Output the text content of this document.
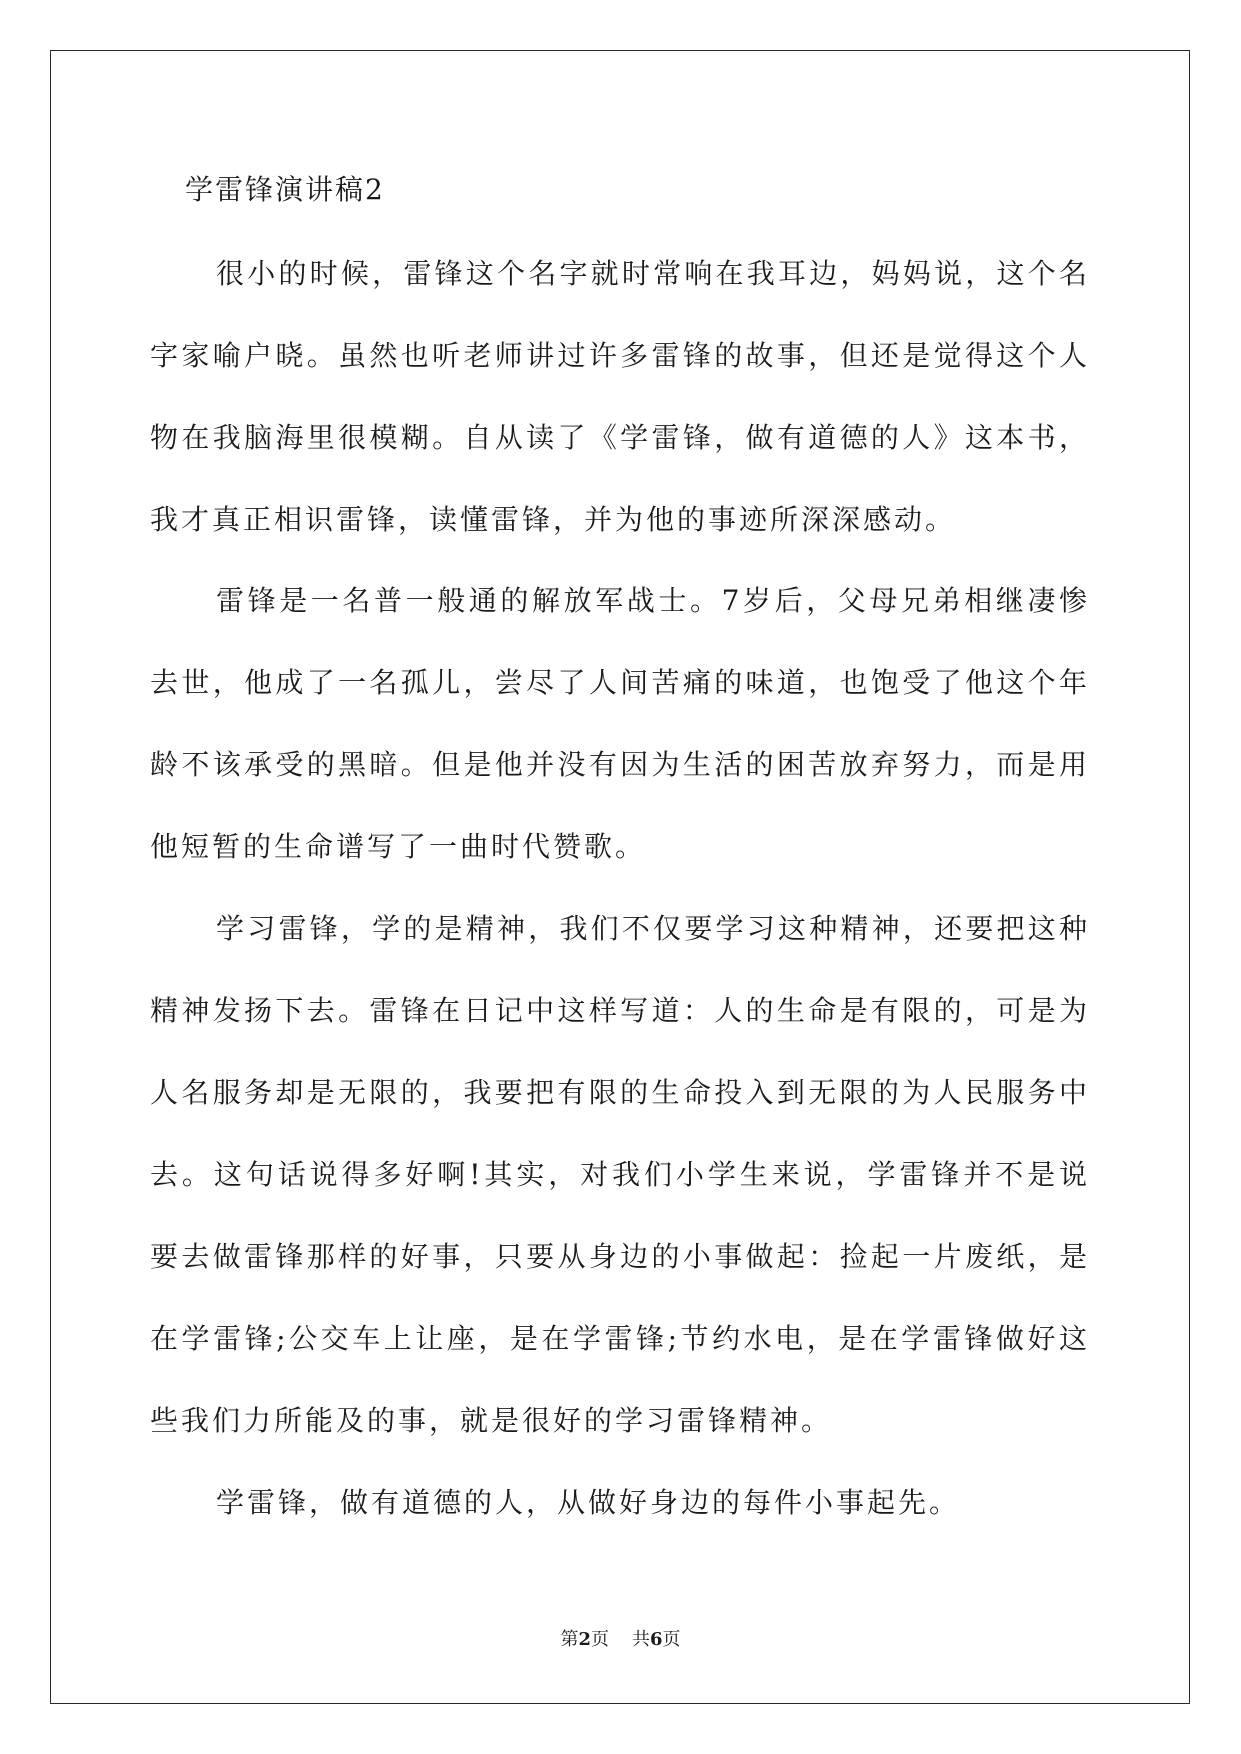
学雷锋演讲稿2

很小的时候，雷锋这个名字就时常响在我耳边，妈妈说，这个名字家喻户晓。虽然也听老师讲过许多雷锋的故事，但还是觉得这个人物在我脑海里很模糊。自从读了《学雷锋，做有道德的人》这本书，我才真正相识雷锋，读懂雷锋，并为他的事迹所深深感动。

雷锋是一名普一般通的解放军战士。7岁后，父母兄弟相继凄惨去世，他成了一名孤儿，尝尽了人间苦痛的味道，也饱受了他这个年龄不该承受的黑暗。但是他并没有因为生活的困苦放弃努力，而是用他短暂的生命谱写了一曲时代赞歌。

学习雷锋，学的是精神，我们不仅要学习这种精神，还要把这种精神发扬下去。雷锋在日记中这样写道：人的生命是有限的，可是为人名服务却是无限的，我要把有限的生命投入到无限的为人民服务中去。这句话说得多好啊!其实，对我们小学生来说，学雷锋并不是说要去做雷锋那样的好事，只要从身边的小事做起：捡起一片废纸，是在学雷锋;公交车上让座，是在学雷锋;节约水电，是在学雷锋做好这些我们力所能及的事，就是很好的学习雷锋精神。

学雷锋，做有道德的人，从做好身边的每件小事起先。

第2页 共6页
